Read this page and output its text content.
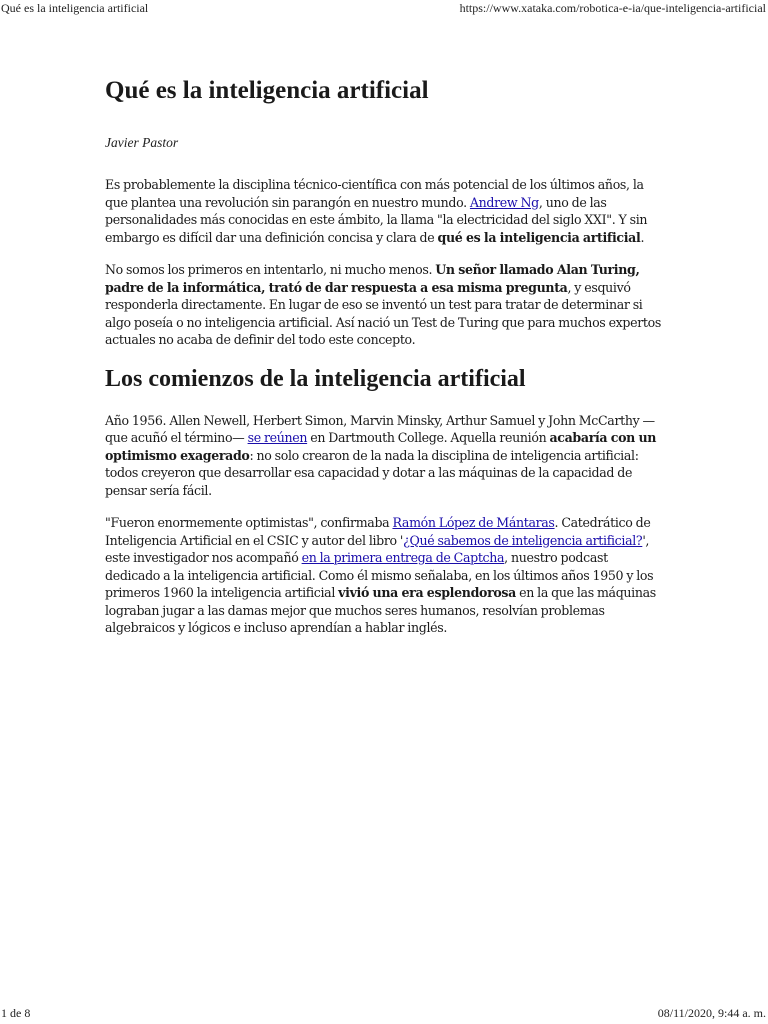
Qué es la inteligencia artificial	https://www.xataka.com/robotica-e-ia/que-inteligencia-artificial
Qué es la inteligencia artificial
Javier Pastor

Es probablemente la disciplina técnico-científica con más potencial de los últimos años, la que plantea una revolución sin parangón en nuestro mundo. Andrew Ng, uno de las personalidades más conocidas en este ámbito, la llama "la electricidad del siglo XXI". Y sin embargo es difícil dar una definición concisa y clara de qué es la inteligencia artificial.

No somos los primeros en intentarlo, ni mucho menos. Un señor llamado Alan Turing, padre de la informática, trató de dar respuesta a esa misma pregunta, y esquivó responderla directamente. En lugar de eso se inventó un test para tratar de determinar si algo poseía o no inteligencia artificial. Así nació un Test de Turing que para muchos expertos actuales no acaba de definir del todo este concepto.

Los comienzos de la inteligencia artificial

Año 1956. Allen Newell, Herbert Simon, Marvin Minsky, Arthur Samuel y John McCarthy —que acuñó el término— se reúnen en Dartmouth College. Aquella reunión acabaría con un optimismo exagerado: no solo crearon de la nada la disciplina de inteligencia artificial: todos creyeron que desarrollar esa capacidad y dotar a las máquinas de la capacidad de pensar sería fácil.

"Fueron enormemente optimistas", confirmaba Ramón López de Mántaras. Catedrático de Inteligencia Artificial en el CSIC y autor del libro '¿Qué sabemos de inteligencia artificial?', este investigador nos acompañó en la primera entrega de Captcha, nuestro podcast dedicado a la inteligencia artificial. Como él mismo señalaba, en los últimos años 1950 y los primeros 1960 la inteligencia artificial vivió una era esplendorosa en la que las máquinas lograban jugar a las damas mejor que muchos seres humanos, resolvían problemas algebraicos y lógicos e incluso aprendían a hablar inglés.

1 de 8	08/11/2020, 9:44 a. m.
